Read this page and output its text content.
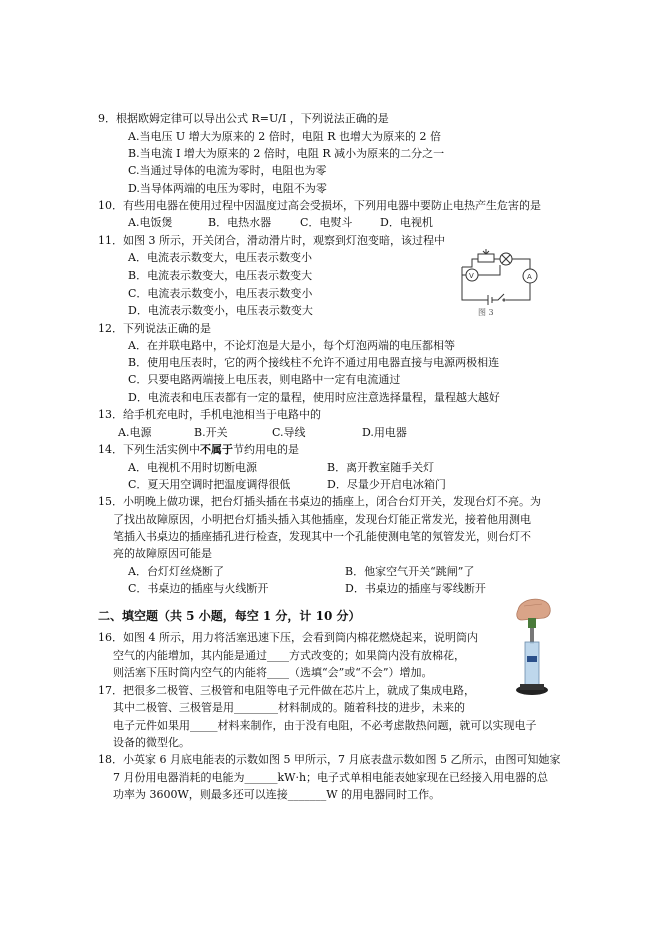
9．根据欧姆定律可以导出公式 R=U/I ，下列说法正确的是
A.当电压 U 增大为原来的 2 倍时，电阻 R 也增大为原来的 2 倍
B.当电流 I 增大为原来的 2 倍时，电阻 R 减小为原来的二分之一
C.当通过导体的电流为零时，电阻也为零
D.当导体两端的电压为零时，电阻不为零
10．有些用电器在使用过程中因温度过高会受损坏，下列用电器中要防止电热产生危害的是
A.电饭煲	B．电热水器	C．电熨斗	D．电视机
11．如图 3 所示，开关闭合，滑动滑片时，观察到灯泡变暗，该过程中
A．电流表示数变大，电压表示数变小
B．电流表示数变大，电压表示数变大
C．电流表示数变小，电压表示数变小
D．电流表示数变小，电压表示数变大
V	A
图 3
12．下列说法正确的是
A．在并联电路中，不论灯泡是大是小，每个灯泡两端的电压都相等
B．使用电压表时，它的两个接线柱不允许不通过用电器直接与电源两极相连
C．只要电路两端接上电压表，则电路中一定有电流通过
D．电流表和电压表都有一定的量程，使用时应注意选择量程，量程越大越好
13．给手机充电时，手机电池相当于电路中的
A.电源	B.开关	C.导线	D.用电器
14．下列生活实例中不属于节约用电的是
A．电视机不用时切断电源	B．离开教室随手关灯
C．夏天用空调时把温度调得很低	D．尽量少开启电冰箱门
15．小明晚上做功课，把台灯插头插在书桌边的插座上，闭合台灯开关，发现台灯不亮。为
了找出故障原因，小明把台灯插头插入其他插座，发现台灯能正常发光，接着他用测电
笔插入书桌边的插座插孔进行检查，发现其中一个孔能使测电笔的氖管发光，则台灯不
亮的故障原因可能是
A．台灯灯丝烧断了	B．他家空气开关“跳闸”了
C．书桌边的插座与火线断开	D．书桌边的插座与零线断开
二、填空题（共 5 小题，每空 1 分，计 10 分）
16．如图 4 所示，用力将活塞迅速下压，会看到筒内棉花燃烧起来，说明筒内
空气的内能增加，其内能是通过____方式改变的；如果筒内没有放棉花，
则活塞下压时筒内空气的内能将____（选填“会”或“不会”）增加。
17．把很多二极管、三极管和电阻等电子元件做在芯片上，就成了集成电路，
其中二极管、三极管是用________材料制成的。随着科技的进步，未来的
电子元件如果用_____材料来制作，由于没有电阻，不必考虑散热问题，就可以实现电子
设备的微型化。
18．小英家 6 月底电能表的示数如图 5 甲所示，7 月底表盘示数如图 5 乙所示，由图可知她家
7 月份用电器消耗的电能为______kW·h；电子式单相电能表她家现在已经接入用电器的总
功率为 3600W，则最多还可以连接_______W 的用电器同时工作。
